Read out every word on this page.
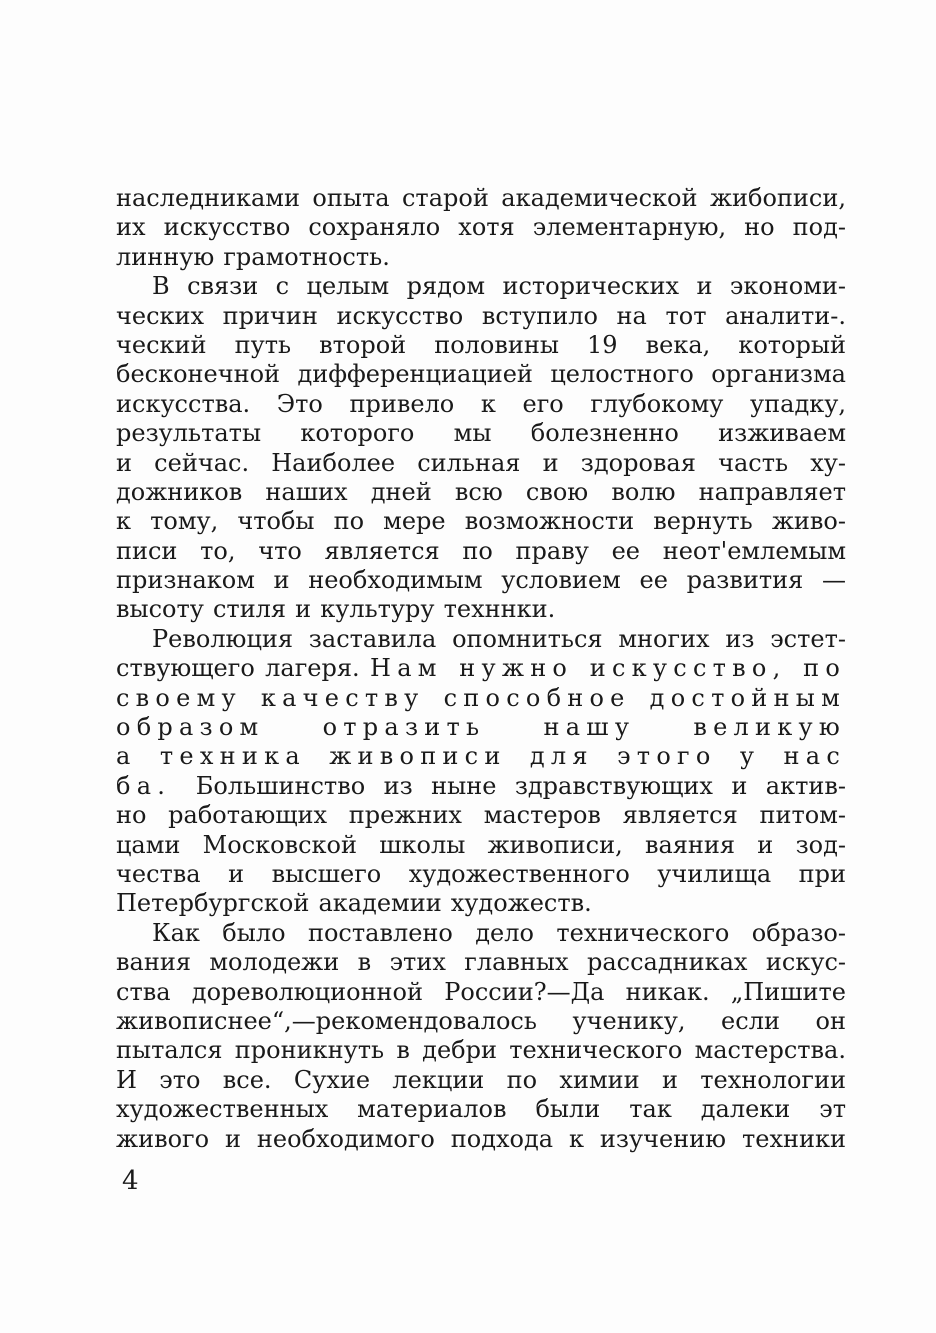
наследниками опыта старой академической жибописи,
их искусство сохраняло хотя элементарную, но под-
линную грамотность.
В связи с целым рядом исторических и экономи-
ческих причин искусство вступило на тот аналити-.
ческий путь второй половины 19 века, который
бесконечной дифференциацией целостного организма
искусства. Это привело к его глубокому упадку,
результаты которого мы болезненно изживаем
и сейчас. Наиболее сильная и здоровая часть ху-
дожников наших дней всю свою волю направляет
к тому, чтобы по мере возможности вернуть живо-
писи то, что является по праву ее неот'емлемым
признаком и необходимым условием ее развития —
высоту стиля и культуру техннки.
Революция заставила опомниться многих из эстет-
ствующего лагеря. Нам нужно искусство, по
своему качеству способное достойным
образом отразить нашу великую
а техника живописи для этого у нас
ба. Большинство из ныне здравствующих и актив-
но работающих прежних мастеров является питом-
цами Московской школы живописи, ваяния и зод-
чества и высшего художественного училища при
Петербургской академии художеств.
Как было поставлено дело технического образо-
вания молодежи в этих главных рассадниках искус-
ства дореволюционной России?—Да никак. „Пишите
живописнее“,—рекомендовалось ученику, если он
пытался проникнуть в дебри технического мастерства.
И это все. Сухие лекции по химии и технологии
художественных материалов были так далеки эт
живого и необходимого подхода к изучению техники
4
